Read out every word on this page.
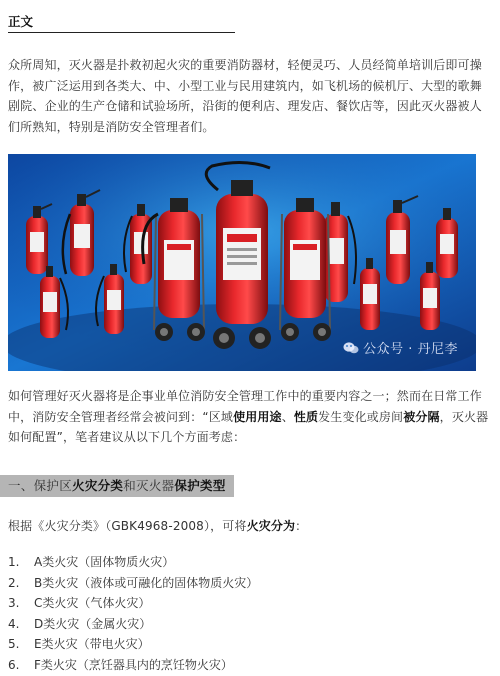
正文

众所周知，灭火器是扑救初起火灾的重要消防器材，轻便灵巧、人员经简单培训后即可操作，被广泛运用到各类大、中、小型工业与民用建筑内，如飞机场的候机厅、大型的歌舞剧院、企业的生产仓储和试验场所，沿街的便利店、理发店、餐饮店等，因此灭火器被人们所熟知，特别是消防安全管理者们。

公众号 · 丹尼李

如何管理好灭火器将是企事业单位消防安全管理工作中的重要内容之一；然而在日常工作中，消防安全管理者经常会被问到：“区域使用用途、性质发生变化或房间被分隔，灭火器如何配置”，笔者建议从以下几个方面考虑：

一、保护区火灾分类和灭火器保护类型

根据《火灾分类》（GBK4968-2008），可将火灾分为：

1.	A类火灾（固体物质火灾）
2.	B类火灾（液体或可融化的固体物质火灾）
3.	C类火灾（气体火灾）
4.	D类火灾（金属火灾）
5.	E类火灾（带电火灾）
6.	F类火灾（烹饪器具内的烹饪物火灾）
